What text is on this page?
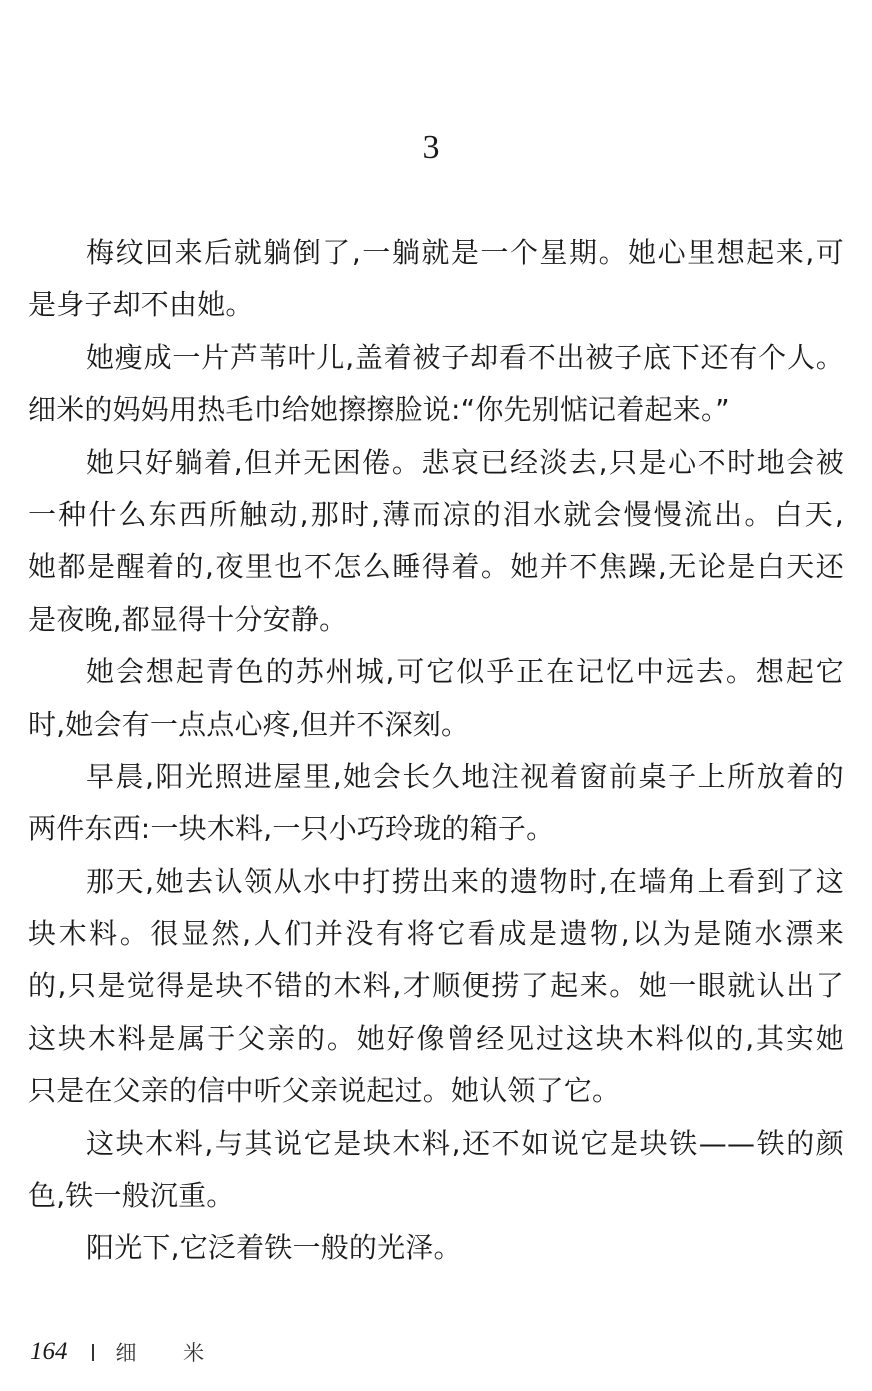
3
梅纹回来后就躺倒了,一躺就是一个星期。她心里想起来,可
是身子却不由她。
她瘦成一片芦苇叶儿,盖着被子却看不出被子底下还有个人。
细米的妈妈用热毛巾给她擦擦脸说:“你先别惦记着起来。”
她只好躺着,但并无困倦。悲哀已经淡去,只是心不时地会被
一种什么东西所触动,那时,薄而凉的泪水就会慢慢流出。白天,
她都是醒着的,夜里也不怎么睡得着。她并不焦躁,无论是白天还
是夜晚,都显得十分安静。
她会想起青色的苏州城,可它似乎正在记忆中远去。想起它
时,她会有一点点心疼,但并不深刻。
早晨,阳光照进屋里,她会长久地注视着窗前桌子上所放着的
两件东西:一块木料,一只小巧玲珑的箱子。
那天,她去认领从水中打捞出来的遗物时,在墙角上看到了这
块木料。很显然,人们并没有将它看成是遗物,以为是随水漂来
的,只是觉得是块不错的木料,才顺便捞了起来。她一眼就认出了
这块木料是属于父亲的。她好像曾经见过这块木料似的,其实她
只是在父亲的信中听父亲说起过。她认领了它。
这块木料,与其说它是块木料,还不如说它是块铁——铁的颜
色,铁一般沉重。
阳光下,它泛着铁一般的光泽。
164 细 米
